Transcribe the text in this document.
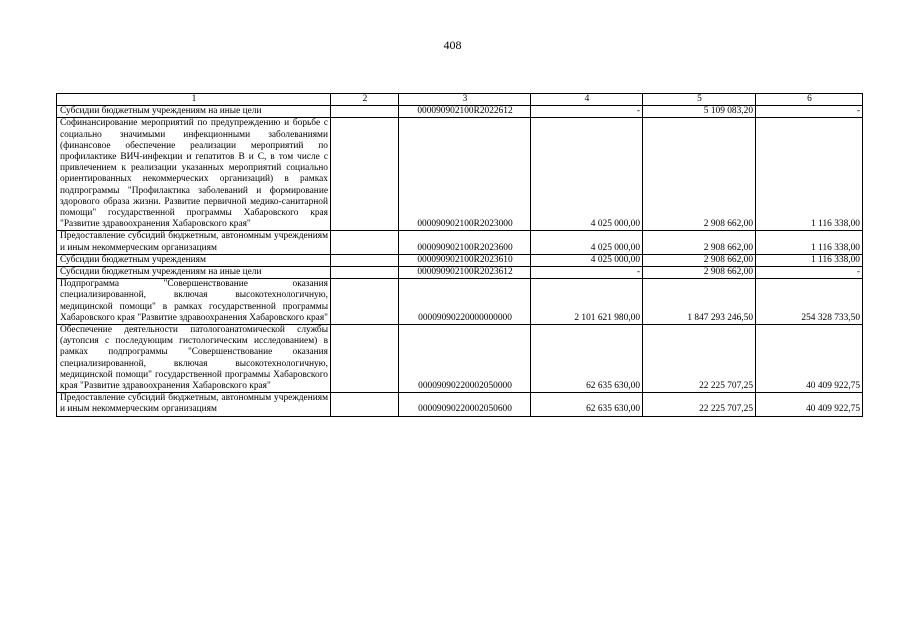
408
1	2	3	4	5	6
Субсидии бюджетным учреждениям на иные цели		000090902100R2022612	-	5 109 083,20	-
Софинансирование мероприятий по предупреждению и борьбе с социально значимыми инфекционными заболеваниями (финансовое обеспечение реализации мероприятий по профилактике ВИЧ-инфекции и гепатитов В и С, в том числе с привлечением к реализации указанных мероприятий социально ориентированных некоммерческих организаций) в рамках подпрограммы "Профилактика заболеваний и формирование здорового образа жизни. Развитие первичной медико-санитарной помощи" государственной программы Хабаровского края "Развитие здравоохранения Хабаровского края"		000090902100R2023000	4 025 000,00	2 908 662,00	1 116 338,00
Предоставление субсидий бюджетным, автономным учреждениям и иным некоммерческим организациям		000090902100R2023600	4 025 000,00	2 908 662,00	1 116 338,00
Субсидии бюджетным учреждениям		000090902100R2023610	4 025 000,00	2 908 662,00	1 116 338,00
Субсидии бюджетным учреждениям на иные цели		000090902100R2023612	-	2 908 662,00	-
Подпрограмма "Совершенствование оказания специализированной, включая высокотехнологичную, медицинской помощи" в рамках государственной программы Хабаровского края "Развитие здравоохранения Хабаровского края"		00009090220000000000	2 101 621 980,00	1 847 293 246,50	254 328 733,50
Обеспечение деятельности патологоанатомической службы (аутопсия с последующим гистологическим исследованием) в рамках подпрограммы "Совершенствование оказания специализированной, включая высокотехнологичную, медицинской помощи" государственной программы Хабаровского края "Развитие здравоохранения Хабаровского края"		00009090220002050000	62 635 630,00	22 225 707,25	40 409 922,75
Предоставление субсидий бюджетным, автономным учреждениям и иным некоммерческим организациям		00009090220002050600	62 635 630,00	22 225 707,25	40 409 922,75
